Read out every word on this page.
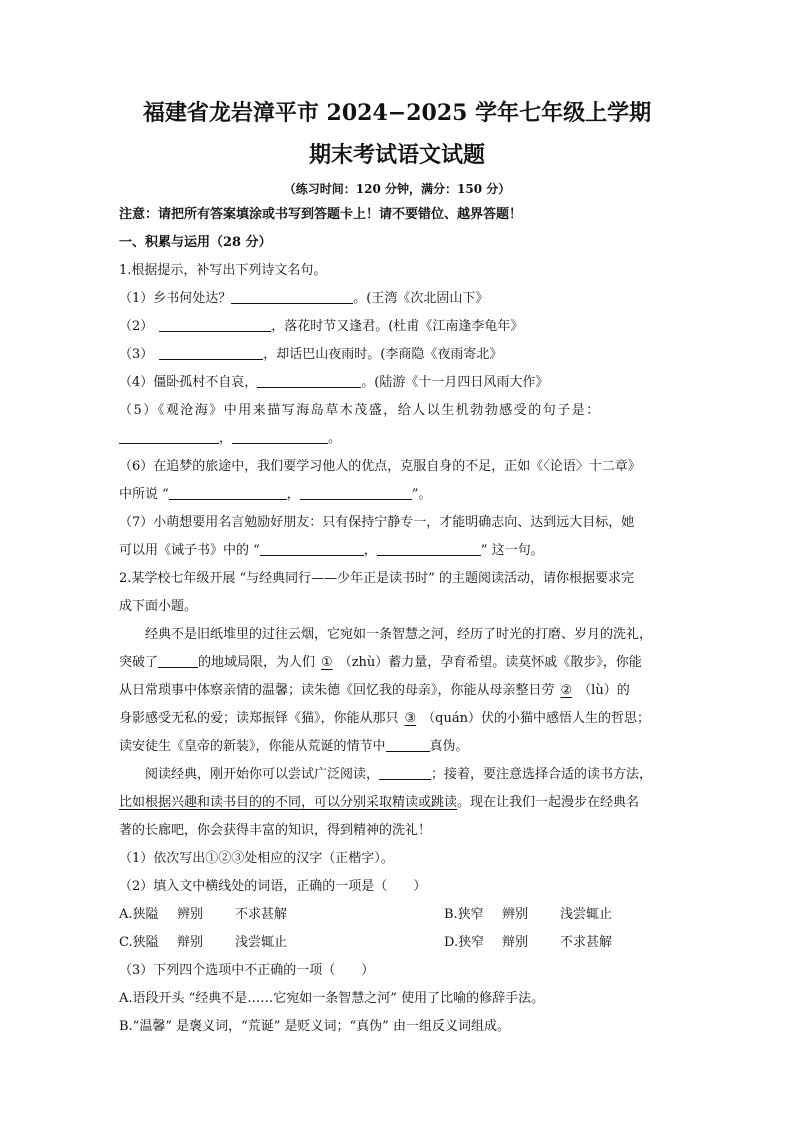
福建省龙岩漳平市 2024−2025 学年七年级上学期
期末考试语文试题
（练习时间：120 分钟，满分：150 分）
注意：请把所有答案填涂或书写到答题卡上！请不要错位、越界答题！
一、积累与运用（28 分）
1.根据提示，补写出下列诗文名句。
（1）乡书何处达？	。(王湾《次北固山下》
（2）	，落花时节又逢君。(杜甫《江南逢李龟年》
（3）	，却话巴山夜雨时。(李商隐《夜雨寄北》
（4）僵卧孤村不自哀，	。(陆游《十一月四日风雨大作》
（5）《观沧海》中用来描写海岛草木茂盛，给人以生机勃勃感受的句子是：
，	。
（6）在追梦的旅途中，我们要学习他人的优点，克服自身的不足，正如《〈论语〉十二章》
中所说 “	，	”。
（7）小萌想要用名言勉励好朋友：只有保持宁静专一，才能明确志向、达到远大目标，她
可以用《诫子书》中的 “	，	” 这一句。
2.某学校七年级开展 “与经典同行——少年正是读书时” 的主题阅读活动，请你根据要求完
成下面小题。
经典不是旧纸堆里的过往云烟，它宛如一条智慧之河，经历了时光的打磨、岁月的洗礼，
突破了	的地域局限，为人们 ① （zhù）蓄力量，孕育希望。读莫怀戚《散步》，你能
从日常琐事中体察亲情的温馨；读朱德《回忆我的母亲》，你能从母亲整日劳 ② （lù）的
身影感受无私的爱；读郑振铎《猫》，你能从那只 ③ （quán）伏的小猫中感悟人生的哲思；
读安徒生《皇帝的新装》，你能从荒诞的情节中	真伪。
阅读经典，刚开始你可以尝试广泛阅读，	；接着，要注意选择合适的读书方法，
比如根据兴趣和读书目的的不同，可以分别采取精读或跳读。现在让我们一起漫步在经典名
著的长廊吧，你会获得丰富的知识，得到精神的洗礼！
（1）依次写出①②③处相应的汉字（正楷字）。
（2）填入文中横线处的词语，正确的一项是（　　）
A.狭隘 辨别 不求甚解	B.狭窄 辨别 浅尝辄止
C.狭隘 辩别 浅尝辄止	D.狭窄 辩别 不求甚解
（3）下列四个选项中不正确的一项（　　）
A.语段开头 “经典不是……它宛如一条智慧之河” 使用了比喻的修辞手法。
B.“温馨” 是褒义词，“荒诞” 是贬义词；“真伪” 由一组反义词组成。
